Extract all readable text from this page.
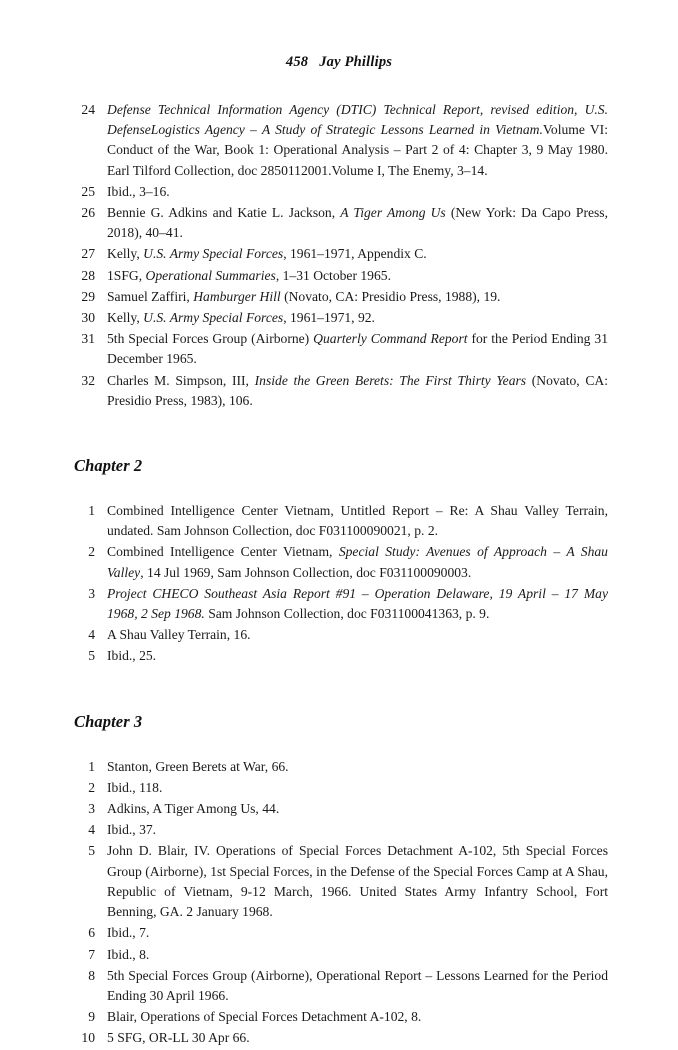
458 Jay Phillips
24 Defense Technical Information Agency (DTIC) Technical Report, revised edition, U.S. DefenseLogistics Agency – A Study of Strategic Lessons Learned in Vietnam.Volume VI: Conduct of the War, Book 1: Operational Analysis – Part 2 of 4: Chapter 3, 9 May 1980. Earl Tilford Collection, doc 2850112001.Volume I, The Enemy, 3–14.
25 Ibid., 3–16.
26 Bennie G. Adkins and Katie L. Jackson, A Tiger Among Us (New York: Da Capo Press, 2018), 40–41.
27 Kelly, U.S. Army Special Forces, 1961–1971, Appendix C.
28 1SFG, Operational Summaries, 1–31 October 1965.
29 Samuel Zaffiri, Hamburger Hill (Novato, CA: Presidio Press, 1988), 19.
30 Kelly, U.S. Army Special Forces, 1961–1971, 92.
31 5th Special Forces Group (Airborne) Quarterly Command Report for the Period Ending 31 December 1965.
32 Charles M. Simpson, III, Inside the Green Berets: The First Thirty Years (Novato, CA: Presidio Press, 1983), 106.
Chapter 2
1 Combined Intelligence Center Vietnam, Untitled Report – Re: A Shau Valley Terrain, undated. Sam Johnson Collection, doc F031100090021, p. 2.
2 Combined Intelligence Center Vietnam, Special Study: Avenues of Approach – A Shau Valley, 14 Jul 1969, Sam Johnson Collection, doc F031100090003.
3 Project CHECO Southeast Asia Report #91 – Operation Delaware, 19 April – 17 May 1968, 2 Sep 1968. Sam Johnson Collection, doc F031100041363, p. 9.
4 A Shau Valley Terrain, 16.
5 Ibid., 25.
Chapter 3
1 Stanton, Green Berets at War, 66.
2 Ibid., 118.
3 Adkins, A Tiger Among Us, 44.
4 Ibid., 37.
5 John D. Blair, IV. Operations of Special Forces Detachment A-102, 5th Special Forces Group (Airborne), 1st Special Forces, in the Defense of the Special Forces Camp at A Shau, Republic of Vietnam, 9-12 March, 1966. United States Army Infantry School, Fort Benning, GA. 2 January 1968.
6 Ibid., 7.
7 Ibid., 8.
8 5th Special Forces Group (Airborne), Operational Report – Lessons Learned for the Period Ending 30 April 1966.
9 Blair, Operations of Special Forces Detachment A-102, 8.
10 5 SFG, OR-LL 30 Apr 66.
